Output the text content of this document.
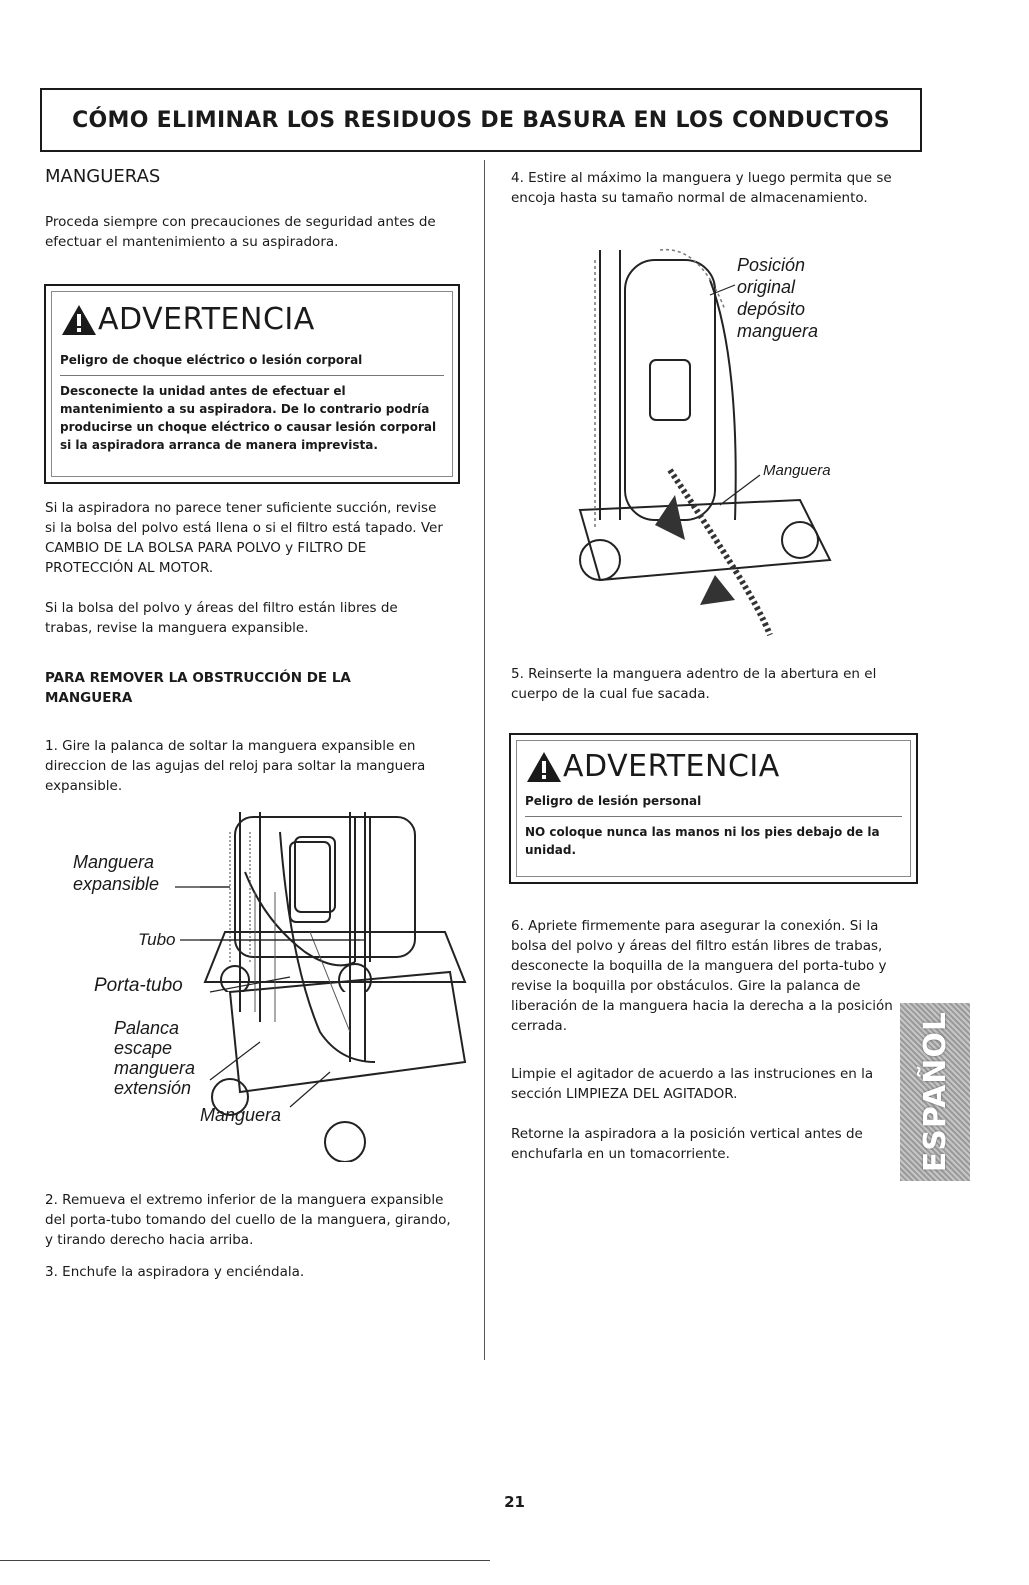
CÓMO ELIMINAR LOS RESIDUOS DE BASURA EN LOS CONDUCTOS
MANGUERAS

Proceda siempre con precauciones de seguridad antes de efectuar el mantenimiento a su aspiradora.

ADVERTENCIA

Peligro de choque eléctrico o lesión corporal

Desconecte la unidad antes de efectuar el mantenimiento a su aspiradora. De lo contrario podría producirse un choque eléctrico o causar lesión corporal si la aspiradora arranca de manera imprevista.

Si la aspiradora no parece tener suficiente succión, revise si la bolsa del polvo está llena o si el filtro está tapado. Ver CAMBIO DE LA BOLSA PARA POLVO y FILTRO DE PROTECCIÓN AL MOTOR.

Si la bolsa del polvo y áreas del filtro están libres de trabas, revise la manguera expansible.

PARA REMOVER LA OBSTRUCCIÓN DE LA MANGUERA

1. Gire la palanca de soltar la manguera expansible en direccion de las agujas del reloj para soltar la manguera expansible.

Manguera
expansible
Tubo
Porta-tubo
Palanca
escape
manguera
extensión
Manguera

2. Remueva el extremo inferior de la manguera expansible del porta-tubo tomando del cuello de la manguera, girando, y tirando derecho hacia arriba.

3. Enchufe la aspiradora y enciéndala.

4. Estire al máximo la manguera y luego permita que se encoja hasta su tamaño normal de almacenamiento.

Posición
original
depósito
manguera
Manguera

5. Reinserte la manguera adentro de la abertura en el cuerpo de la cual fue sacada.

ADVERTENCIA

Peligro de lesión personal

NO coloque nunca las manos ni los pies debajo de la unidad.

6. Apriete firmemente para asegurar la conexión. Si la bolsa del polvo y áreas del filtro están libres de trabas, desconecte la boquilla de la manguera del porta-tubo y revise la boquilla por obstáculos. Gire la palanca de liberación de la manguera hacia la derecha a la posición cerrada.

Limpie el agitador de acuerdo a las instruciones en la sección LIMPIEZA DEL AGITADOR.

Retorne la aspiradora a la posición vertical antes de enchufarla en un tomacorriente.	ESPAÑOL
21
